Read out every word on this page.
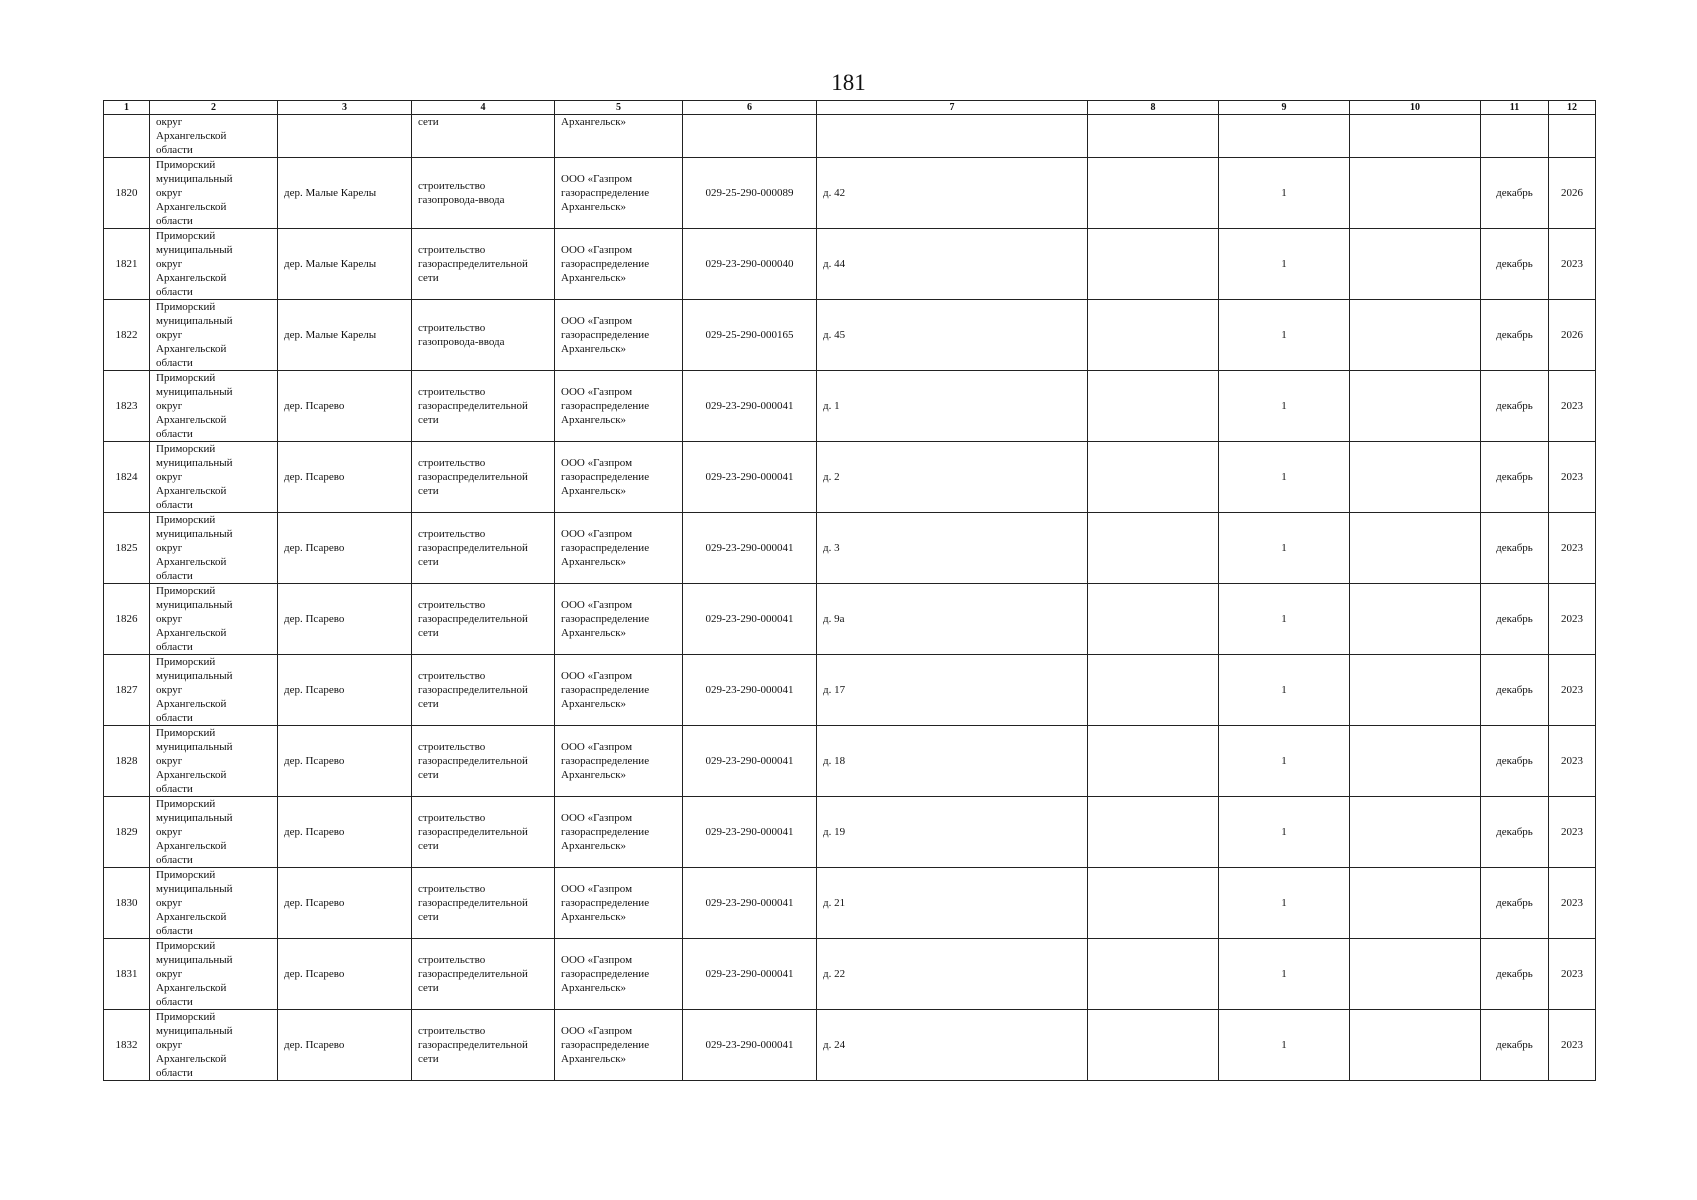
181
1	2	3	4	5	6	7	8	9	10	11	12

	округ
Архангельской
области		сети	Архангельск»							

1820	Приморский
муниципальный
округ
Архангельской
области	дер. Малые Карелы	строительство
газопровода-ввода	ООО «Газпром
газораспределение
Архангельск»	029-25-290-000089	д. 42		1		декабрь	2026
1821	Приморский
муниципальный
округ
Архангельской
области	дер. Малые Карелы	строительство
газораспределительной
сети	ООО «Газпром
газораспределение
Архангельск»	029-23-290-000040	д. 44		1		декабрь	2023
1822	Приморский
муниципальный
округ
Архангельской
области	дер. Малые Карелы	строительство
газопровода-ввода	ООО «Газпром
газораспределение
Архангельск»	029-25-290-000165	д. 45		1		декабрь	2026
1823	Приморский
муниципальный
округ
Архангельской
области	дер. Псарево	строительство
газораспределительной
сети	ООО «Газпром
газораспределение
Архангельск»	029-23-290-000041	д. 1		1		декабрь	2023
1824	Приморский
муниципальный
округ
Архангельской
области	дер. Псарево	строительство
газораспределительной
сети	ООО «Газпром
газораспределение
Архангельск»	029-23-290-000041	д. 2		1		декабрь	2023
1825	Приморский
муниципальный
округ
Архангельской
области	дер. Псарево	строительство
газораспределительной
сети	ООО «Газпром
газораспределение
Архангельск»	029-23-290-000041	д. 3		1		декабрь	2023
1826	Приморский
муниципальный
округ
Архангельской
области	дер. Псарево	строительство
газораспределительной
сети	ООО «Газпром
газораспределение
Архангельск»	029-23-290-000041	д. 9а		1		декабрь	2023
1827	Приморский
муниципальный
округ
Архангельской
области	дер. Псарево	строительство
газораспределительной
сети	ООО «Газпром
газораспределение
Архангельск»	029-23-290-000041	д. 17		1		декабрь	2023
1828	Приморский
муниципальный
округ
Архангельской
области	дер. Псарево	строительство
газораспределительной
сети	ООО «Газпром
газораспределение
Архангельск»	029-23-290-000041	д. 18		1		декабрь	2023
1829	Приморский
муниципальный
округ
Архангельской
области	дер. Псарево	строительство
газораспределительной
сети	ООО «Газпром
газораспределение
Архангельск»	029-23-290-000041	д. 19		1		декабрь	2023
1830	Приморский
муниципальный
округ
Архангельской
области	дер. Псарево	строительство
газораспределительной
сети	ООО «Газпром
газораспределение
Архангельск»	029-23-290-000041	д. 21		1		декабрь	2023
1831	Приморский
муниципальный
округ
Архангельской
области	дер. Псарево	строительство
газораспределительной
сети	ООО «Газпром
газораспределение
Архангельск»	029-23-290-000041	д. 22		1		декабрь	2023
1832	Приморский
муниципальный
округ
Архангельской
области	дер. Псарево	строительство
газораспределительной
сети	ООО «Газпром
газораспределение
Архангельск»	029-23-290-000041	д. 24		1		декабрь	2023
